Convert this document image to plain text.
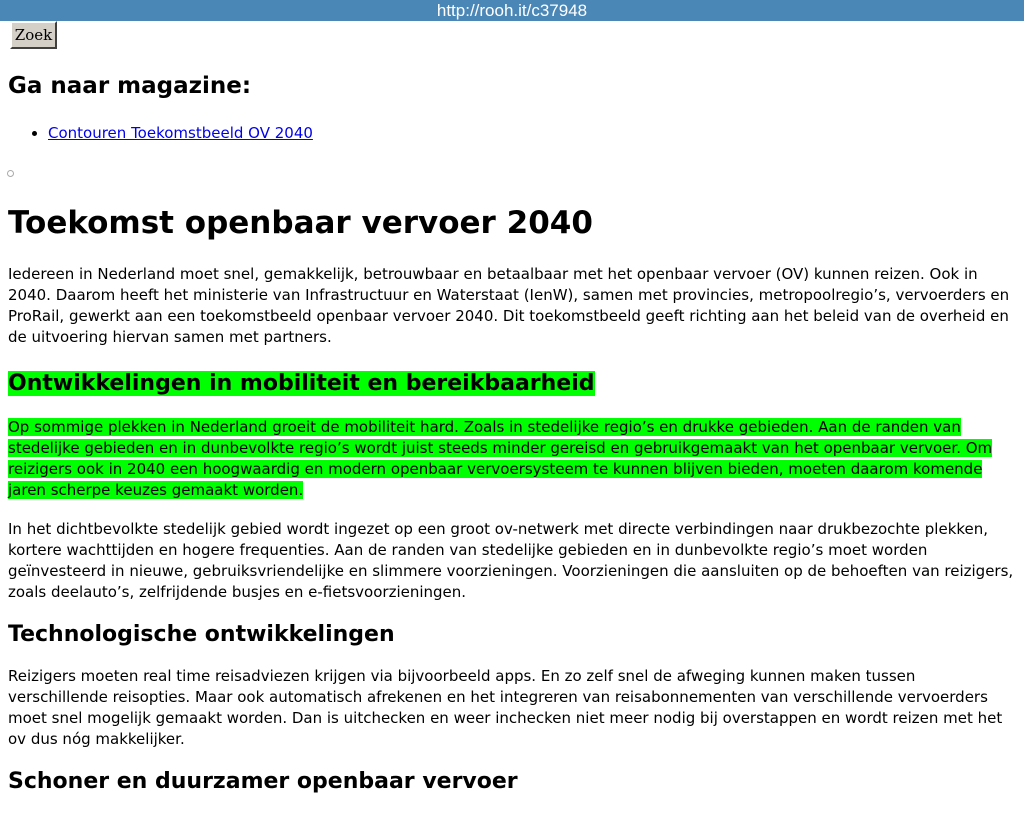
http://rooh.it/c37948
Zoek
Ga naar magazine:
• Contouren Toekomstbeeld OV 2040
Toekomst openbaar vervoer 2040

Iedereen in Nederland moet snel, gemakkelijk, betrouwbaar en betaalbaar met het openbaar vervoer (OV) kunnen reizen. Ook in 2040. Daarom heeft het ministerie van Infrastructuur en Waterstaat (IenW), samen met provincies, metropoolregio’s, vervoerders en ProRail, gewerkt aan een toekomstbeeld openbaar vervoer 2040. Dit toekomstbeeld geeft richting aan het beleid van de overheid en de uitvoering hiervan samen met partners.

Ontwikkelingen in mobiliteit en bereikbaarheid

Op sommige plekken in Nederland groeit de mobiliteit hard. Zoals in stedelijke regio’s en drukke gebieden. Aan de randen van stedelijke gebieden en in dunbevolkte regio’s wordt juist steeds minder gereisd en gebruikgemaakt van het openbaar vervoer. Om reizigers ook in 2040 een hoogwaardig en modern openbaar vervoersysteem te kunnen blijven bieden, moeten daarom komende jaren scherpe keuzes gemaakt worden.

In het dichtbevolkte stedelijk gebied wordt ingezet op een groot ov-netwerk met directe verbindingen naar drukbezochte plekken, kortere wachttijden en hogere frequenties. Aan de randen van stedelijke gebieden en in dunbevolkte regio’s moet worden geïnvesteerd in nieuwe, gebruiksvriendelijke en slimmere voorzieningen. Voorzieningen die aansluiten op de behoeften van reizigers, zoals deelauto’s, zelfrijdende busjes en e-fietsvoorzieningen.

Technologische ontwikkelingen

Reizigers moeten real time reisadviezen krijgen via bijvoorbeeld apps. En zo zelf snel de afweging kunnen maken tussen verschillende reisopties. Maar ook automatisch afrekenen en het integreren van reisabonnementen van verschillende vervoerders moet snel mogelijk gemaakt worden. Dan is uitchecken en weer inchecken niet meer nodig bij overstappen en wordt reizen met het ov dus nóg makkelijker.

Schoner en duurzamer openbaar vervoer
